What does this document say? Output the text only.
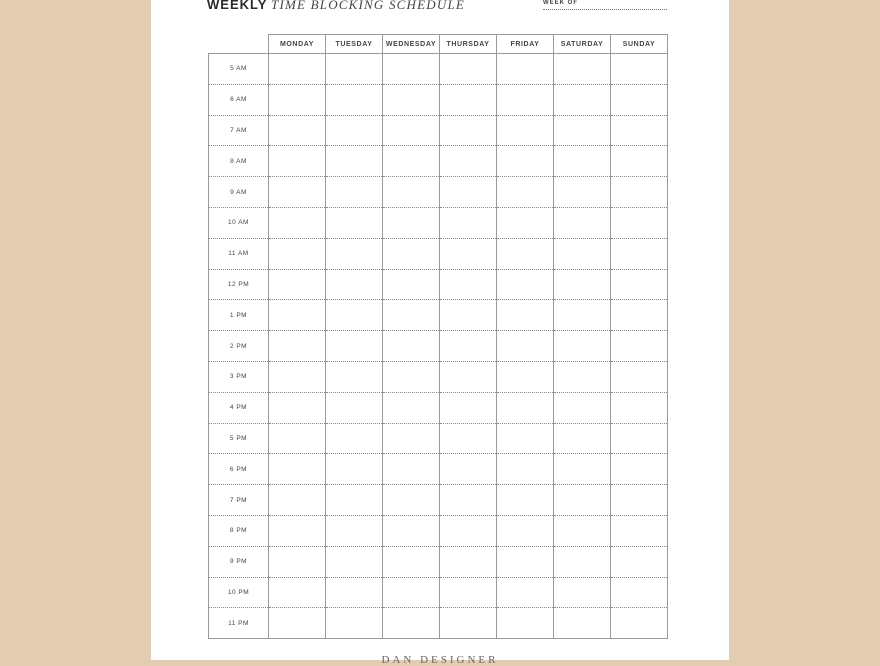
WEEKLY TIME BLOCKING SCHEDULE	WEEK OF
	MONDAY	TUESDAY	WEDNESDAY	THURSDAY	FRIDAY	SATURDAY	SUNDAY
5 AM							
6 AM							
7 AM							
8 AM							
9 AM							
10 AM							
11 AM							
12 PM							
1 PM							
2 PM							
3 PM							
4 PM							
5 PM							
6 PM							
7 PM							
8 PM							
9 PM							
10 PM							
11 PM							
DAN DESIGNER
